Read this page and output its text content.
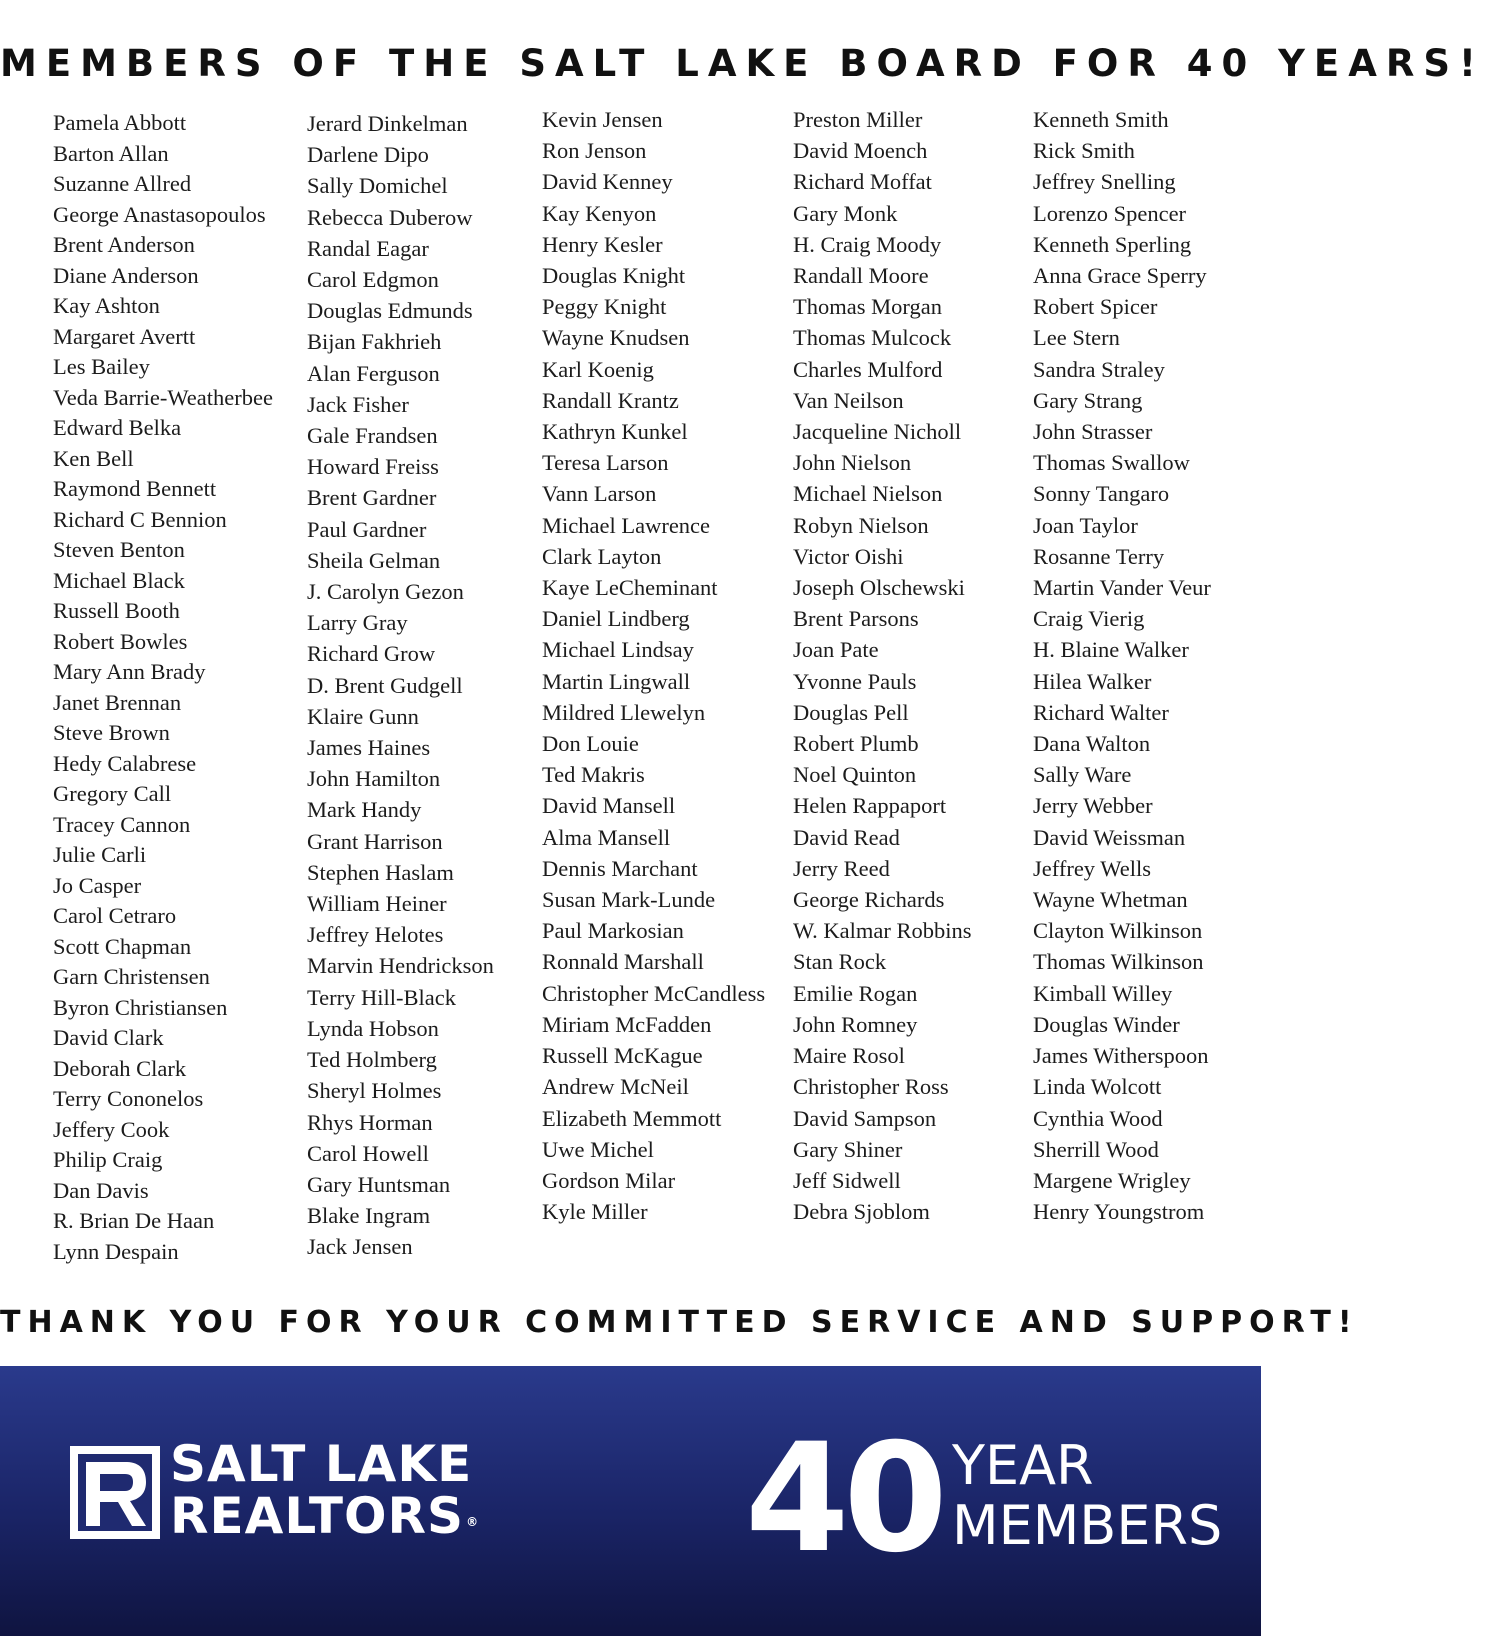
MEMBERS OF THE SALT LAKE BOARD FOR 40 YEARS!
Pamela Abbott
Barton Allan
Suzanne Allred
George Anastasopoulos
Brent Anderson
Diane Anderson
Kay Ashton
Margaret Avertt
Les Bailey
Veda Barrie-Weatherbee
Edward Belka
Ken Bell
Raymond Bennett
Richard C Bennion
Steven Benton
Michael Black
Russell Booth
Robert Bowles
Mary Ann Brady
Janet Brennan
Steve Brown
Hedy Calabrese
Gregory Call
Tracey Cannon
Julie Carli
Jo Casper
Carol Cetraro
Scott Chapman
Garn Christensen
Byron Christiansen
David Clark
Deborah Clark
Terry Cononelos
Jeffery Cook
Philip Craig
Dan Davis
R. Brian De Haan
Lynn Despain
Jerard Dinkelman
Darlene Dipo
Sally Domichel
Rebecca Duberow
Randal Eagar
Carol Edgmon
Douglas Edmunds
Bijan Fakhrieh
Alan Ferguson
Jack Fisher
Gale Frandsen
Howard Freiss
Brent Gardner
Paul Gardner
Sheila Gelman
J. Carolyn Gezon
Larry Gray
Richard Grow
D. Brent Gudgell
Klaire Gunn
James Haines
John Hamilton
Mark Handy
Grant Harrison
Stephen Haslam
William Heiner
Jeffrey Helotes
Marvin Hendrickson
Terry Hill-Black
Lynda Hobson
Ted Holmberg
Sheryl Holmes
Rhys Horman
Carol Howell
Gary Huntsman
Blake Ingram
Jack Jensen
Kevin Jensen
Ron Jenson
David Kenney
Kay Kenyon
Henry Kesler
Douglas Knight
Peggy Knight
Wayne Knudsen
Karl Koenig
Randall Krantz
Kathryn Kunkel
Teresa Larson
Vann Larson
Michael Lawrence
Clark Layton
Kaye LeCheminant
Daniel Lindberg
Michael Lindsay
Martin Lingwall
Mildred Llewelyn
Don Louie
Ted Makris
David Mansell
Alma Mansell
Dennis Marchant
Susan Mark-Lunde
Paul Markosian
Ronnald Marshall
Christopher McCandless
Miriam McFadden
Russell McKague
Andrew McNeil
Elizabeth Memmott
Uwe Michel
Gordson Milar
Kyle Miller
Preston Miller
David Moench
Richard Moffat
Gary Monk
H. Craig Moody
Randall Moore
Thomas Morgan
Thomas Mulcock
Charles Mulford
Van Neilson
Jacqueline Nicholl
John Nielson
Michael Nielson
Robyn Nielson
Victor Oishi
Joseph Olschewski
Brent Parsons
Joan Pate
Yvonne Pauls
Douglas Pell
Robert Plumb
Noel Quinton
Helen Rappaport
David Read
Jerry Reed
George Richards
W. Kalmar Robbins
Stan Rock
Emilie Rogan
John Romney
Maire Rosol
Christopher Ross
David Sampson
Gary Shiner
Jeff Sidwell
Debra Sjoblom
Kenneth Smith
Rick Smith
Jeffrey Snelling
Lorenzo Spencer
Kenneth Sperling
Anna Grace Sperry
Robert Spicer
Lee Stern
Sandra Straley
Gary Strang
John Strasser
Thomas Swallow
Sonny Tangaro
Joan Taylor
Rosanne Terry
Martin Vander Veur
Craig Vierig
H. Blaine Walker
Hilea Walker
Richard Walter
Dana Walton
Sally Ware
Jerry Webber
David Weissman
Jeffrey Wells
Wayne Whetman
Clayton Wilkinson
Thomas Wilkinson
Kimball Willey
Douglas Winder
James Witherspoon
Linda Wolcott
Cynthia Wood
Sherrill Wood
Margene Wrigley
Henry Youngstrom
THANK YOU FOR YOUR COMMITTED SERVICE AND SUPPORT!
SALT LAKE
REALTORS ® 40 YEAR
MEMBERS
